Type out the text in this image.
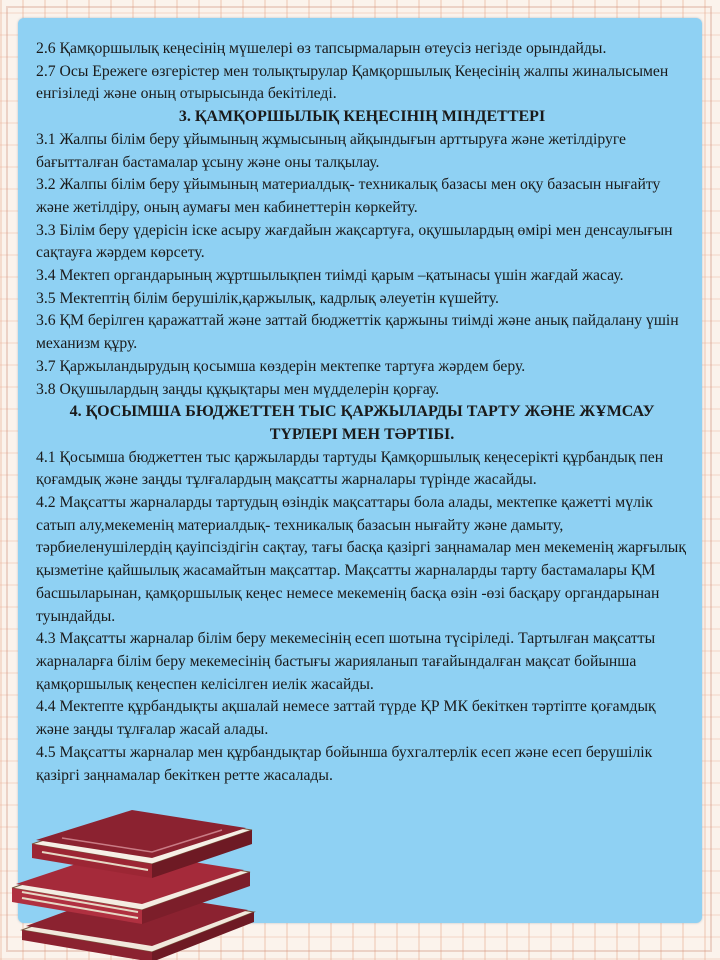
2.6 Қамқоршылық кеңесінің мүшелері өз тапсырмаларын өтеусіз негізде орындайды.

2.7 Осы Ережеге өзгерістер мен толықтырулар Қамқоршылық Кеңесінің жалпы жиналысымен енгізіледі және оның отырысында бекітіледі.

3. ҚАМҚОРШЫЛЫҚ КЕҢЕСІНІҢ МІНДЕТТЕРІ

3.1 Жалпы білім беру ұйымының жұмысының айқындығын арттыруға және жетілдіруге бағытталған бастамалар ұсыну және оны талқылау.

3.2 Жалпы білім беру ұйымының материалдық- техникалық базасы мен оқу базасын нығайту және жетілдіру, оның аумағы мен кабинеттерін көркейту.

3.3 Білім беру үдерісін іске асыру жағдайын жақсартуға, оқушылардың өмірі мен денсаулығын сақтауға жәрдем көрсету.

3.4 Мектеп органдарының жұртшылықпен тиімді қарым –қатынасы үшін жағдай жасау.

3.5 Мектептің білім берушілік,қаржылық, кадрлық әлеуетін күшейту.

3.6 ҚМ берілген қаражаттай және заттай бюджеттік қаржыны тиімді және анық пайдалану үшін механизм құру.

3.7 Қаржыландырудың қосымша көздерін мектепке тартуға жәрдем беру.

3.8 Оқушылардың заңды құқықтары мен мүдделерін қорғау.

4. ҚОСЫМША БЮДЖЕТТЕН ТЫС ҚАРЖЫЛАРДЫ ТАРТУ ЖӘНЕ ЖҰМСАУ ТҮРЛЕРІ МЕН ТӘРТІБІ.

4.1 Қосымша бюджеттен тыс қаржыларды тартуды Қамқоршылық кеңесерікті құрбандық пен қоғамдық және заңды тұлғалардың мақсатты жарналары түрінде жасайды.

4.2 Мақсатты жарналарды тартудың өзіндік мақсаттары бола алады, мектепке қажетті мүлік сатып алу,мекеменің материалдық- техникалық базасын нығайту және дамыту, тәрбиеленушілердің қауіпсіздігін сақтау, тағы басқа қазіргі заңнамалар мен мекеменің жарғылық қызметіне қайшылық жасамайтын мақсаттар. Мақсатты жарналарды тарту бастамалары ҚМ басшыларынан, қамқоршылық кеңес немесе мекеменің басқа өзін -өзі басқару органдарынан туындайды.

4.3 Мақсатты жарналар білім беру мекемесінің есеп шотына түсіріледі. Тартылған мақсатты жарналарға білім беру мекемесінің бастығы жарияланып тағайындалған мақсат бойынша қамқоршылық кеңеспен келісілген иелік жасайды.

4.4 Мектепте құрбандықты ақшалай немесе заттай түрде ҚР МК бекіткен тәртіпте қоғамдық және заңды тұлғалар жасай алады.

4.5 Мақсатты жарналар мен құрбандықтар бойынша бухгалтерлік есеп және есеп берушілік қазіргі заңнамалар бекіткен ретте жасалады.
